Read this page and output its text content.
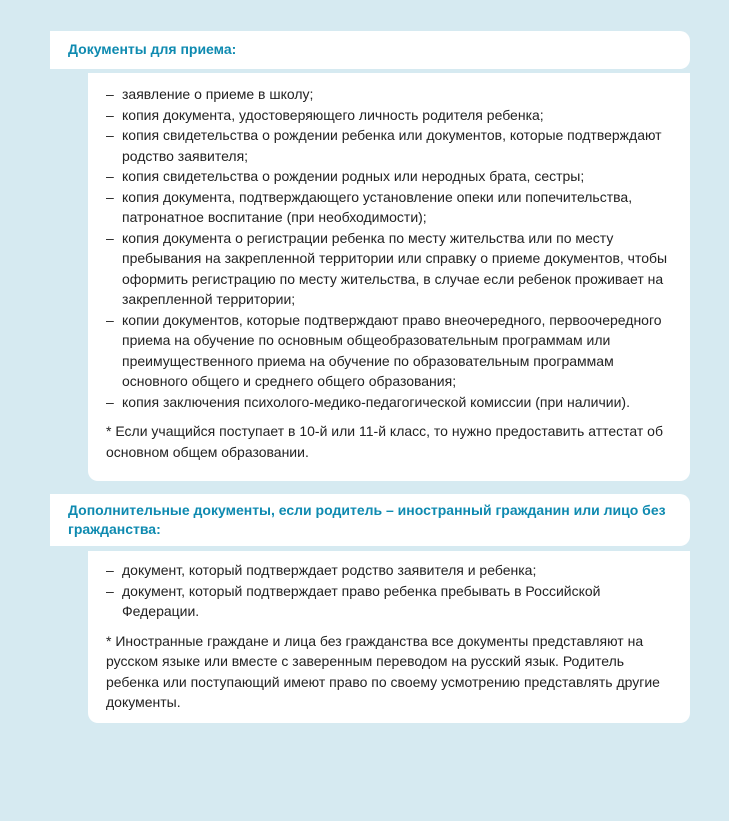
Документы для приема:
– заявление о приеме в школу;
– копия документа, удостоверяющего личность родителя ребенка;
– копия свидетельства о рождении ребенка или документов, которые подтверждают родство заявителя;
– копия свидетельства о рождении родных или неродных брата, сестры;
– копия документа, подтверждающего установление опеки или попечительства, патронатное воспитание (при необходимости);
– копия документа о регистрации ребенка по месту жительства или по месту пребывания на закрепленной территории или справку о приеме документов, чтобы оформить регистрацию по месту жительства, в случае если ребенок проживает на закрепленной территории;
– копии документов, которые подтверждают право внеочередного, первоочередного приема на обучение по основным общеобразовательным программам или преимущественного приема на обучение по образовательным программам основного общего и среднего общего образования;
– копия заключения психолого-медико-педагогической комиссии (при наличии).
* Если учащийся поступает в 10-й или 11-й класс, то нужно предоставить аттестат об основном общем образовании.
Дополнительные документы, если родитель – иностранный гражданин или лицо без гражданства:
– документ, который подтверждает родство заявителя и ребенка;
– документ, который подтверждает право ребенка пребывать в Российской Федерации.
* Иностранные граждане и лица без гражданства все документы представляют на русском языке или вместе с заверенным переводом на русский язык. Родитель ребенка или поступающий имеют право по своему усмотрению представлять другие документы.
